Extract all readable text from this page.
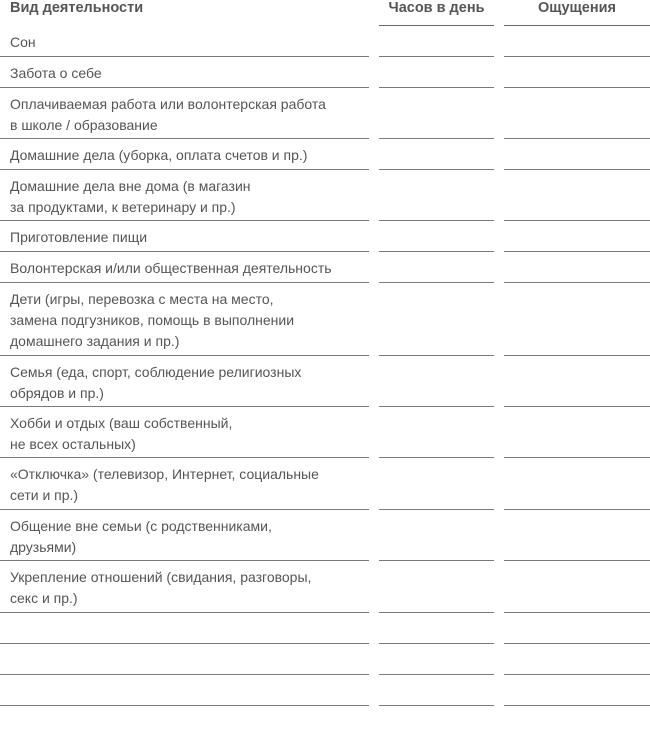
Вид деятельности	Часов в день	Ощущения
Сон
Забота о себе
Оплачиваемая работа или волонтерская работа
в школе / образование
Домашние дела (уборка, оплата счетов и пр.)
Домашние дела вне дома (в магазин
за продуктами, к ветеринару и пр.)
Приготовление пищи
Волонтерская и/или общественная деятельность
Дети (игры, перевозка с места на место,
замена подгузников, помощь в выполнении
домашнего задания и пр.)
Семья (еда, спорт, соблюдение религиозных
обрядов и пр.)
Хобби и отдых (ваш собственный,
не всех остальных)
«Отключка» (телевизор, Интернет, социальные
сети и пр.)
Общение вне семьи (с родственниками,
друзьями)
Укрепление отношений (свидания, разговоры,
секс и пр.)
